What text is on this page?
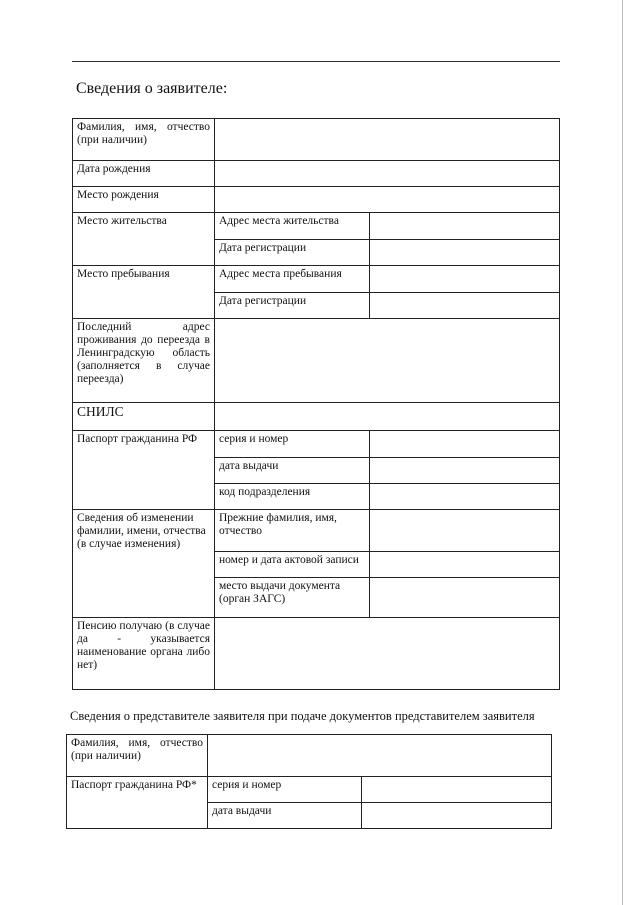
Сведения о заявителе:
Фамилия, имя, отчество (при наличии)		
Дата рождения		
Место рождения		
Место жительства	Адрес места жительства	
	Дата регистрации	
Место пребывания	Адрес места пребывания	
	Дата регистрации	
Последний адрес проживания до переезда в Ленинградскую область (заполняется в случае переезда)		
СНИЛС		
Паспорт гражданина РФ	серия и номер	
	дата выдачи	
	код подразделения	
Сведения об изменении фамилии, имени, отчества (в случае изменения)	Прежние фамилия, имя, отчество	
	номер и дата актовой записи	
	место выдачи документа (орган ЗАГС)	
Пенсию получаю (в случае да - указывается наименование органа либо нет)		
Сведения о представителе заявителя при подаче документов представителем заявителя
Фамилия, имя, отчество (при наличии)		
Паспорт гражданина РФ*	серия и номер	
	дата выдачи	
